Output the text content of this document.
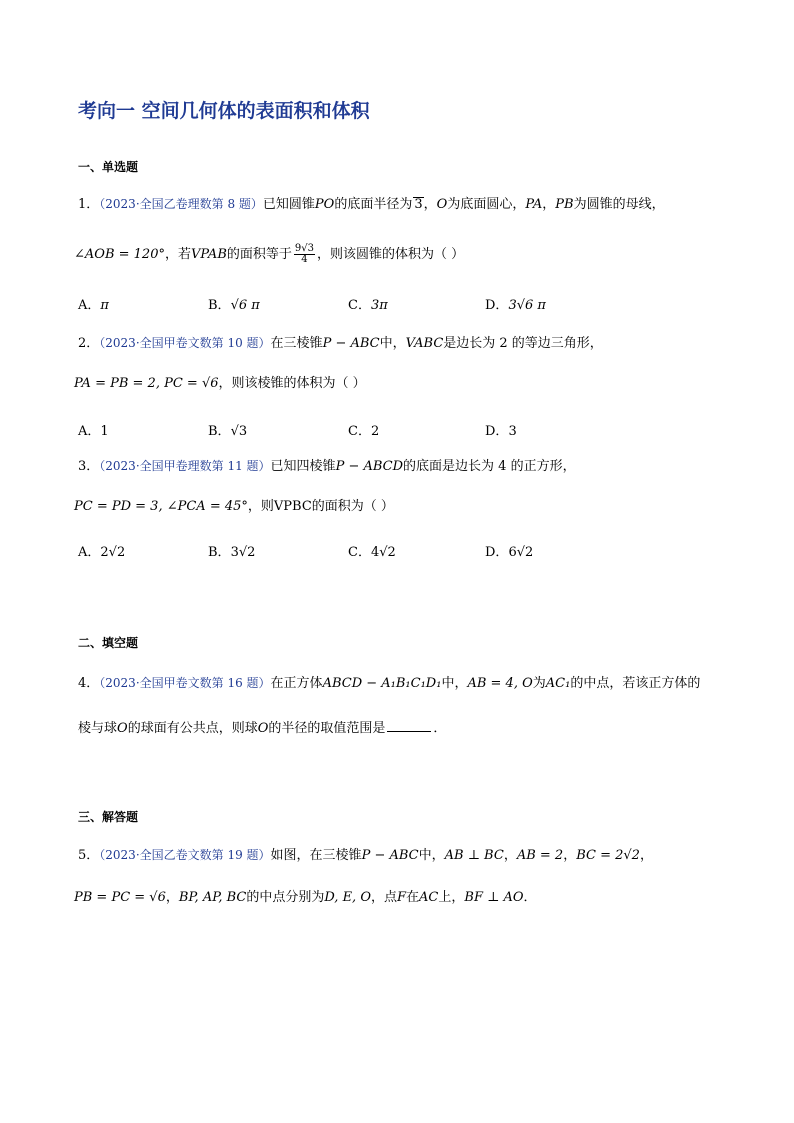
考向一 空间几何体的表面积和体积
一、单选题
1．（2023·全国乙卷理数第 8 题）已知圆锥PO的底面半径为 3，O为底面圆心，PA，PB为圆锥的母线，
∠AOB = 120°，若VPAB的面积等于 $\frac{9√3}{4}$ ，则该圆锥的体积为（ ）
A．π	B．√6 π	C．3π	D．3√6 π
2．（2023·全国甲卷文数第 10 题）在三棱锥P − ABC中，VABC是边长为 2 的等边三角形，
PA = PB = 2, PC = √6，则该棱锥的体积为（ ）
A．1	B．√3	C．2	D．3
3．（2023·全国甲卷理数第 11 题）已知四棱锥P − ABCD的底面是边长为 4 的正方形，
PC = PD = 3, ∠PCA = 45°，则VPBC的面积为（ ）
A．2√2	B．3√2	C．4√2	D．6√2
二、填空题
4．（2023·全国甲卷文数第 16 题）在正方体ABCD − A₁B₁C₁D₁中，AB = 4, O为AC₁的中点，若该正方体的
棱与球O的球面有公共点，则球O的半径的取值范围是	．
三、解答题
5．（2023·全国乙卷文数第 19 题）如图，在三棱锥P − ABC中，AB ⊥ BC，AB = 2，BC = 2√2，
PB = PC = √6，BP, AP, BC的中点分别为D, E, O，点F在AC上，BF ⊥ AO．
